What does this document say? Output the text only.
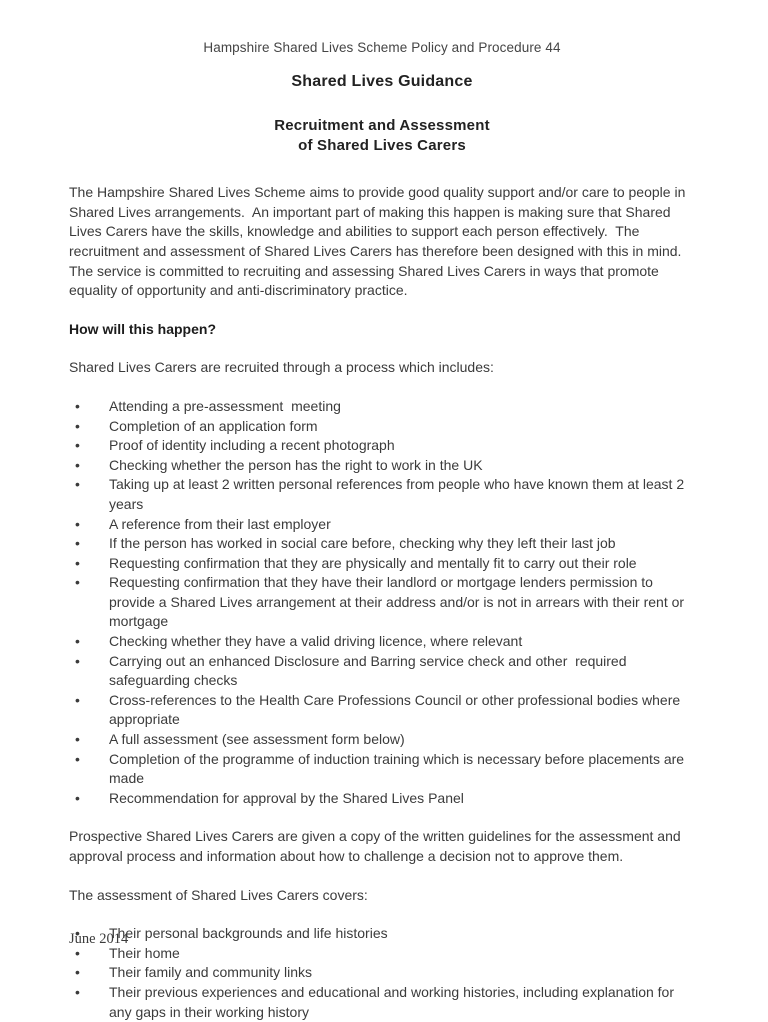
Hampshire Shared Lives Scheme Policy and Procedure 44
Shared Lives Guidance
Recruitment and Assessment
of Shared Lives Carers

The Hampshire Shared Lives Scheme aims to provide good quality support and/or care to people in Shared Lives arrangements.  An important part of making this happen is making sure that Shared Lives Carers have the skills, knowledge and abilities to support each person effectively.  The recruitment and assessment of Shared Lives Carers has therefore been designed with this in mind.  The service is committed to recruiting and assessing Shared Lives Carers in ways that promote equality of opportunity and anti-discriminatory practice.

How will this happen?

Shared Lives Carers are recruited through a process which includes:

• Attending a pre-assessment  meeting
• Completion of an application form
• Proof of identity including a recent photograph
• Checking whether the person has the right to work in the UK
• Taking up at least 2 written personal references from people who have known them at least 2 years
• A reference from their last employer
• If the person has worked in social care before, checking why they left their last job
• Requesting confirmation that they are physically and mentally fit to carry out their role
• Requesting confirmation that they have their landlord or mortgage lenders permission to provide a Shared Lives arrangement at their address and/or is not in arrears with their rent or mortgage
• Checking whether they have a valid driving licence, where relevant
• Carrying out an enhanced Disclosure and Barring service check and other  required safeguarding checks
• Cross-references to the Health Care Professions Council or other professional bodies where appropriate
• A full assessment (see assessment form below)
• Completion of the programme of induction training which is necessary before placements are made
• Recommendation for approval by the Shared Lives Panel

Prospective Shared Lives Carers are given a copy of the written guidelines for the assessment and approval process and information about how to challenge a decision not to approve them.

The assessment of Shared Lives Carers covers:

• Their personal backgrounds and life histories
• Their home
• Their family and community links
• Their previous experiences and educational and working histories, including explanation for any gaps in their working history
June 2014
